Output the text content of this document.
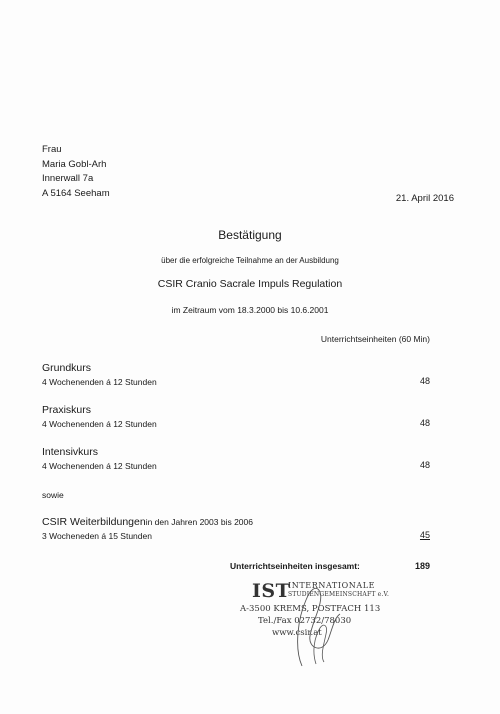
Frau
Maria Gobl-Arh
Innerwall 7a
A 5164 Seeham	21. April 2016
Bestätigung
über die erfolgreiche Teilnahme an der Ausbildung
CSIR Cranio Sacrale Impuls Regulation
im Zeitraum vom 18.3.2000 bis 10.6.2001
Unterrichtseinheiten (60 Min)
Grundkurs
4 Wochenenden á 12 Stunden	48
Praxiskurs
4 Wochenenden á 12 Stunden	48
Intensivkurs
4 Wochenenden á 12 Stunden	48
sowie
CSIR Weiterbildungenin den Jahren 2003 bis 2006
3 Wocheneden á 15 Stunden	45
Unterrichtseinheiten insgesamt:	189
IST
INTERNATIONALE
STUDIENGEMEINSCHAFT e.V.
A-3500 KREMS, POSTFACH 113
Tel./Fax 02732/78030
www.csir.at
